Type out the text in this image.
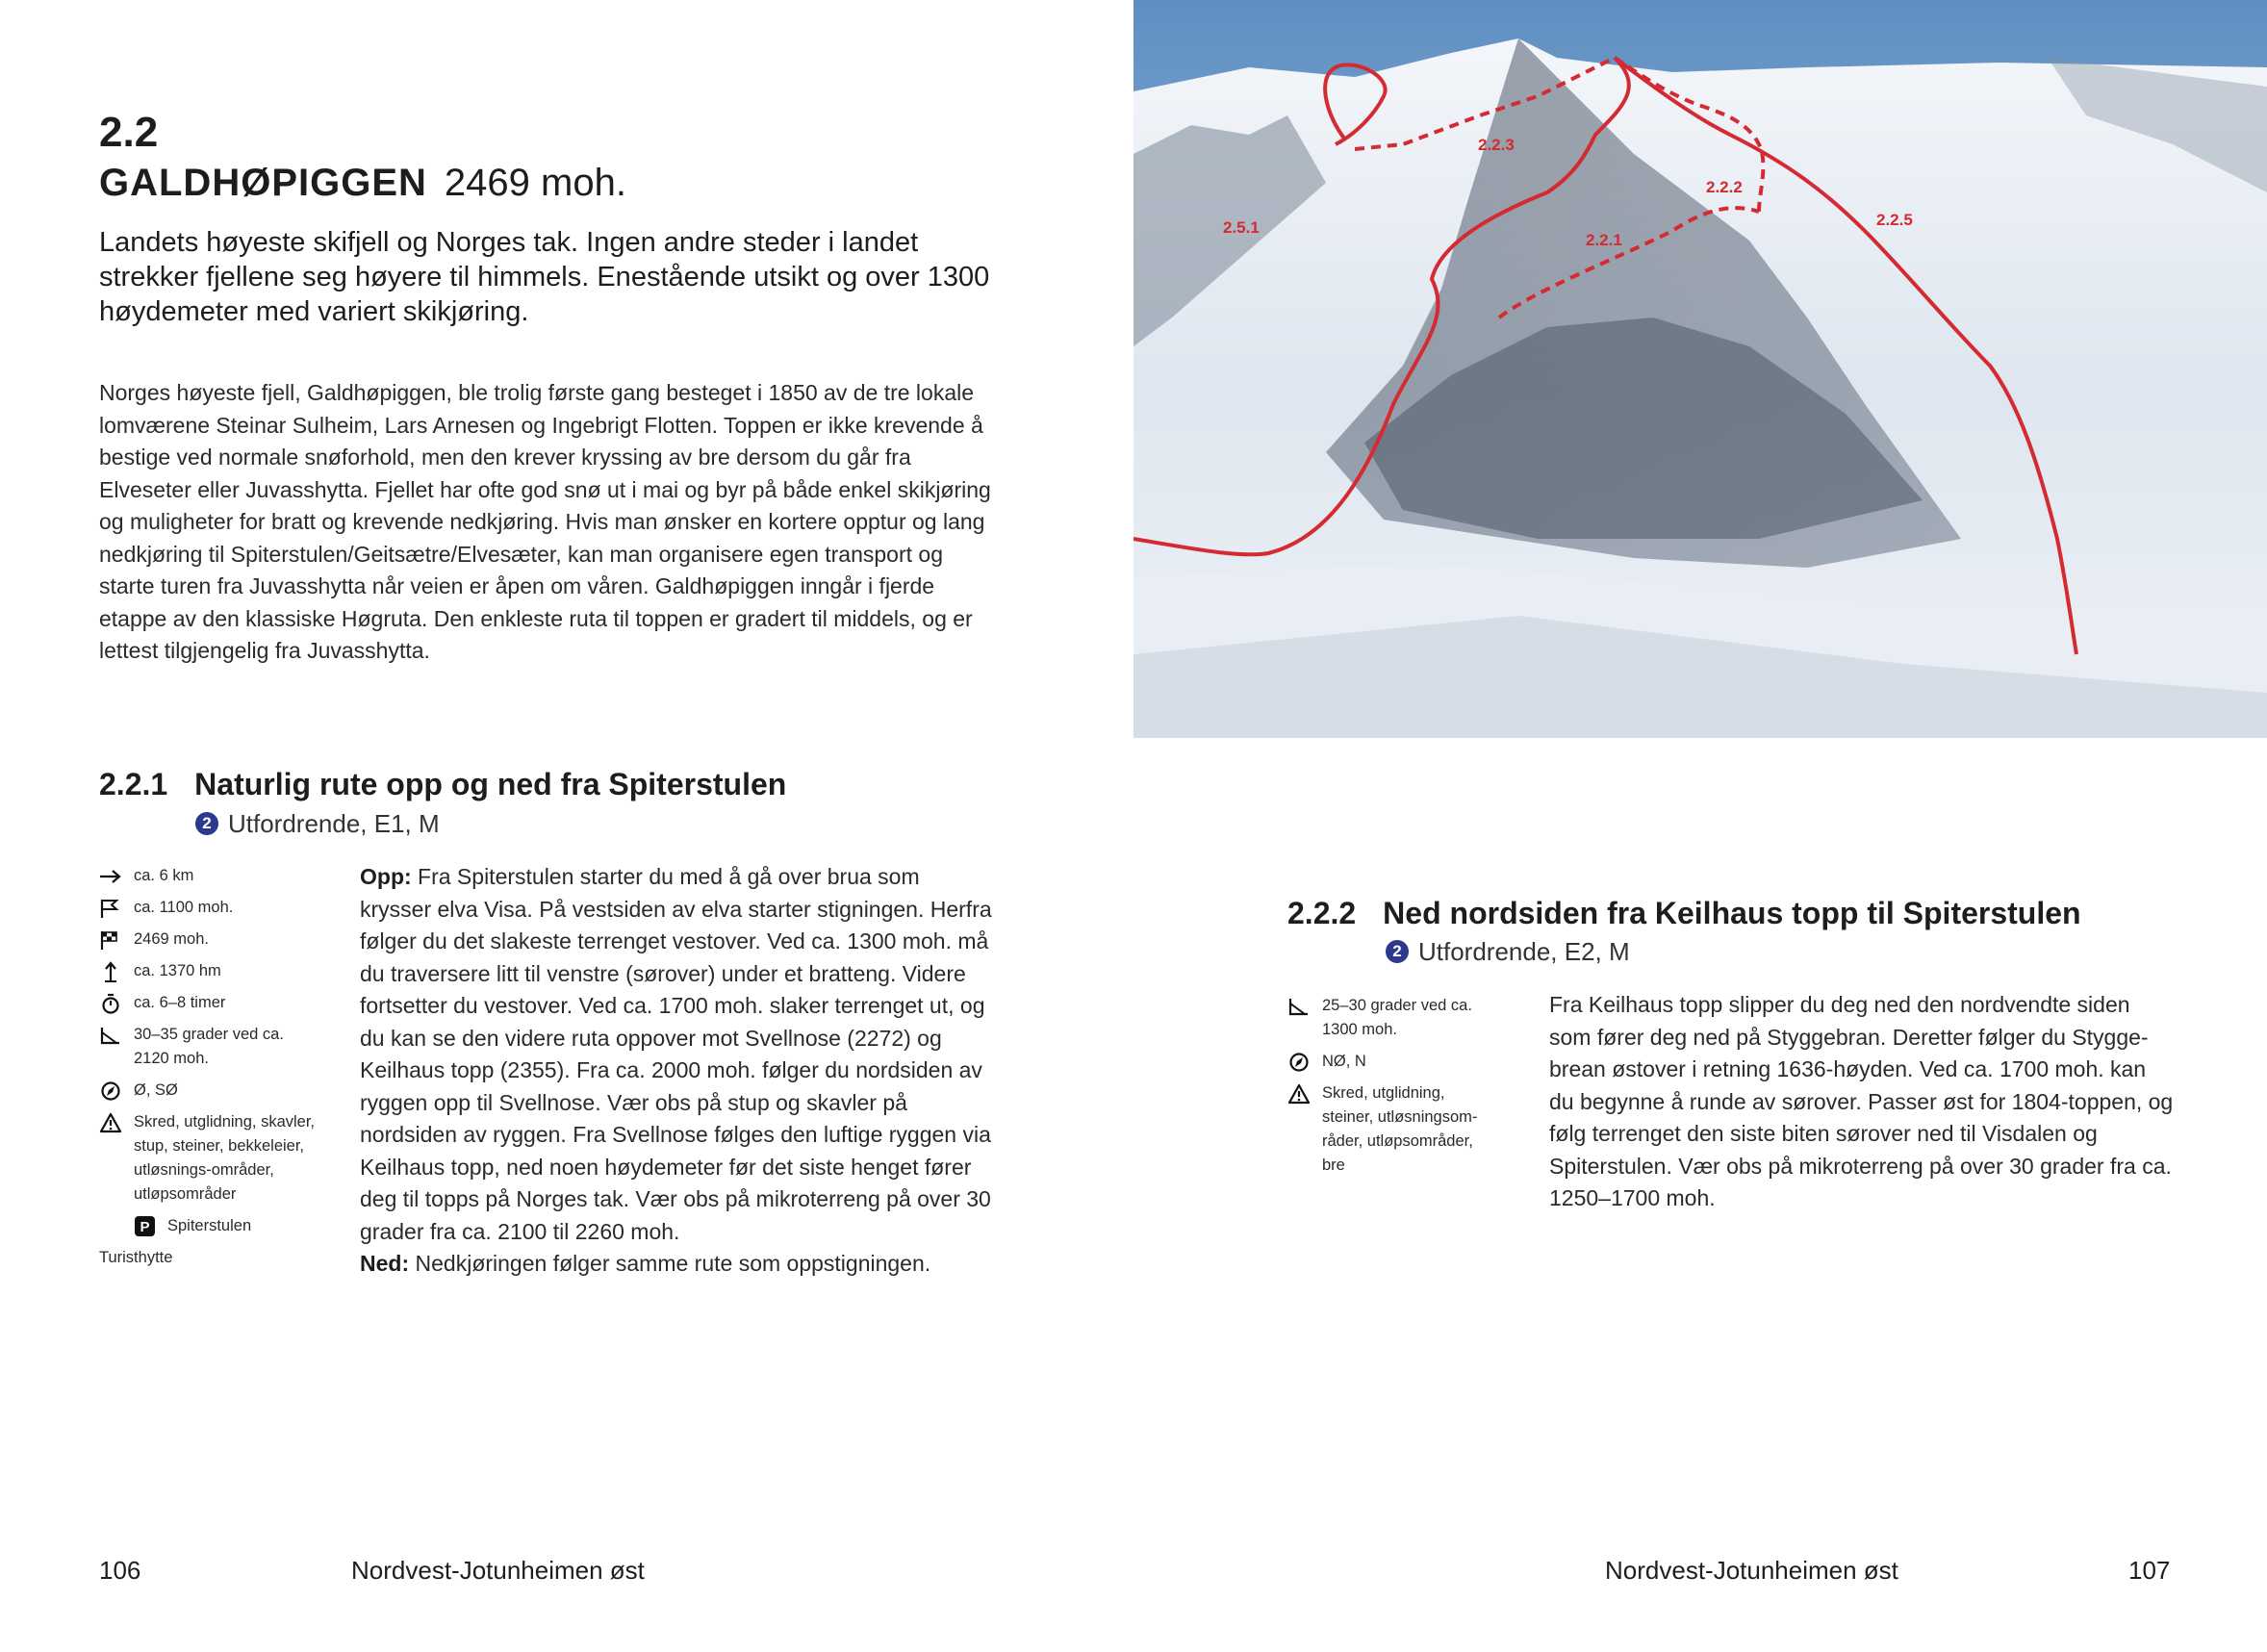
2.2
GALDHØPIGGEN 2469 moh.
Landets høyeste skifjell og Norges tak. Ingen andre steder i landet strekker fjellene seg høyere til himmels. Enestående utsikt og over 1300 høydemeter med variert skikjøring.
Norges høyeste fjell, Galdhøpiggen, ble trolig første gang besteget i 1850 av de tre lokale lomværene Steinar Sulheim, Lars Arnesen og Ingebrigt Flotten. Toppen er ikke krevende å bestige ved normale snøforhold, men den krever kryssing av bre dersom du går fra Elveseter eller Juvasshytta. Fjellet har ofte god snø ut i mai og byr på både enkel skikjøring og muligheter for bratt og krevende nedkjøring. Hvis man ønsker en kortere opptur og lang nedkjøring til Spiterstulen/Geitsætre/Elvesæter, kan man organisere egen transport og starte turen fra Juvasshytta når veien er åpen om våren. Galdhøpiggen inngår i fjerde etappe av den klassiske Høgruta. Den enkleste ruta til toppen er gradert til middels, og er lettest tilgjengelig fra Juvasshytta.
2.2.1 Naturlig rute opp og ned fra Spiterstulen
2 Utfordrende, E1, M
ca. 6 km
ca. 1100 moh.
2469 moh.
ca. 1370 hm
ca. 6–8 timer
30–35 grader ved ca. 2120 moh.
Ø, SØ
Skred, utglidning, skavler, stup, steiner, bekkeleier, utløsnings-områder, utløpsområder
P Spiterstulen
Turisthytte
Opp: Fra Spiterstulen starter du med å gå over brua som krysser elva Visa. På vestsiden av elva starter stigningen. Herfra følger du det slakeste terrenget vestover. Ved ca. 1300 moh. må du traversere litt til venstre (sørover) under et bratteng. Videre fortsetter du vestover. Ved ca. 1700 moh. slaker terrenget ut, og du kan se den videre ruta oppover mot Svellnose (2272) og Keilhaus topp (2355). Fra ca. 2000 moh. følger du nordsiden av ryggen opp til Svellnose. Vær obs på stup og skavler på nordsiden av ryggen. Fra Svellnose følges den luftige ryggen via Keilhaus topp, ned noen høydemeter før det siste henget fører deg til topps på Norges tak. Vær obs på mikroterreng på over 30 grader fra ca. 2100 til 2260 moh.
Ned: Nedkjøringen følger samme rute som oppstigningen.
106	Nordvest-Jotunheimen øst
2.2.3
2.5.1
2.2.1
2.2.2
2.2.5
2.2.2 Ned nordsiden fra Keilhaus topp til Spiterstulen
2 Utfordrende, E2, M
25–30 grader ved ca. 1300 moh.
NØ, N
Skred, utglidning, steiner, utløsningsom-råder, utløpsområder, bre
Fra Keilhaus topp slipper du deg ned den nordvendte siden som fører deg ned på Styggebran. Deretter følger du Stygge-brean østover i retning 1636-høyden. Ved ca. 1700 moh. kan du begynne å runde av sørover. Passer øst for 1804-toppen, og følg terrenget den siste biten sørover ned til Visdalen og Spiterstulen. Vær obs på mikroterreng på over 30 grader fra ca. 1250–1700 moh.
Nordvest-Jotunheimen øst	107
